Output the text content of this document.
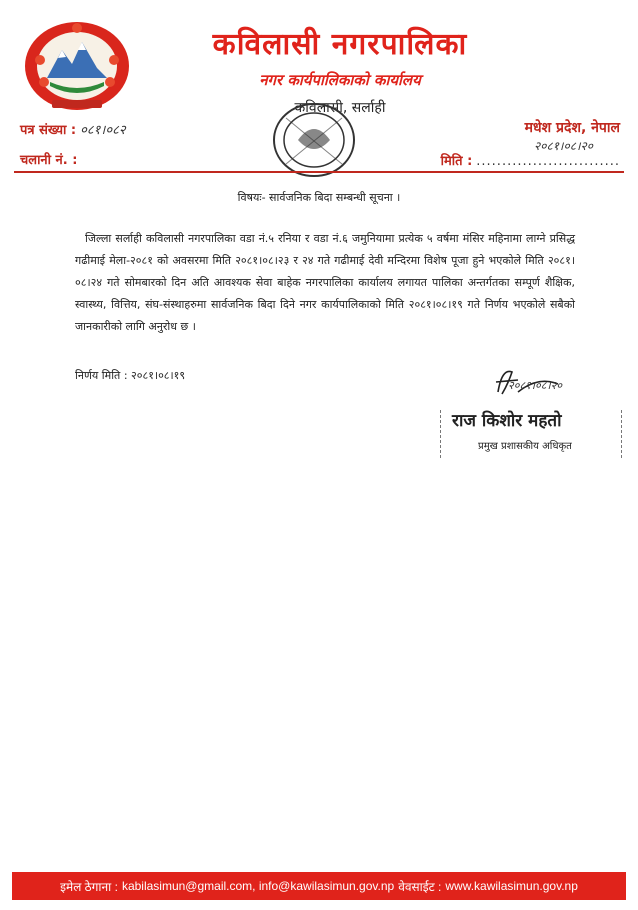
कविलासी नगरपालिका
नगर कार्यपालिकाको कार्यालय
कविलासी, सर्लाही
पत्र संख्या : ०८१।०८२
चलानी नं. :
मधेश प्रदेश, नेपाल
२०८१।०८।२०
मिति : ............................
विषयः- सार्वजनिक बिदा सम्बन्धी सूचना ।
जिल्ला सर्लाही कविलासी नगरपालिका वडा नं.५ रनिया र वडा नं.६ जमुनियामा प्रत्येक ५ वर्षमा मंसिर महिनामा लाग्ने प्रसिद्ध गढीमाई मेला-२०८१ को अवसरमा मिति २०८१।०८।२३ र २४ गते गढीमाई देवी मन्दिरमा विशेष पूजा हुने भएकोले मिति २०८१।०८।२४ गते सोमबारको दिन अति आवश्यक सेवा बाहेक नगरपालिका कार्यालय लगायत पालिका अन्तर्गतका सम्पूर्ण शैक्षिक, स्वास्थ्य, वित्तिय, संघ-संस्थाहरुमा सार्वजनिक बिदा दिने नगर कार्यपालिकाको मिति २०८१।०८।१९ गते निर्णय भएकोले सबैको जानकारीको लागि अनुरोध छ ।
निर्णय मिति : २०८१।०८।१९
२०८१।०८।२०
राज किशोर महतो
प्रमुख प्रशासकीय अधिकृत
इमेल ठेगाना : kabilasimun@gmail.com, info@kawilasimun.gov.np वेवसाईट : www.kawilasimun.gov.np
